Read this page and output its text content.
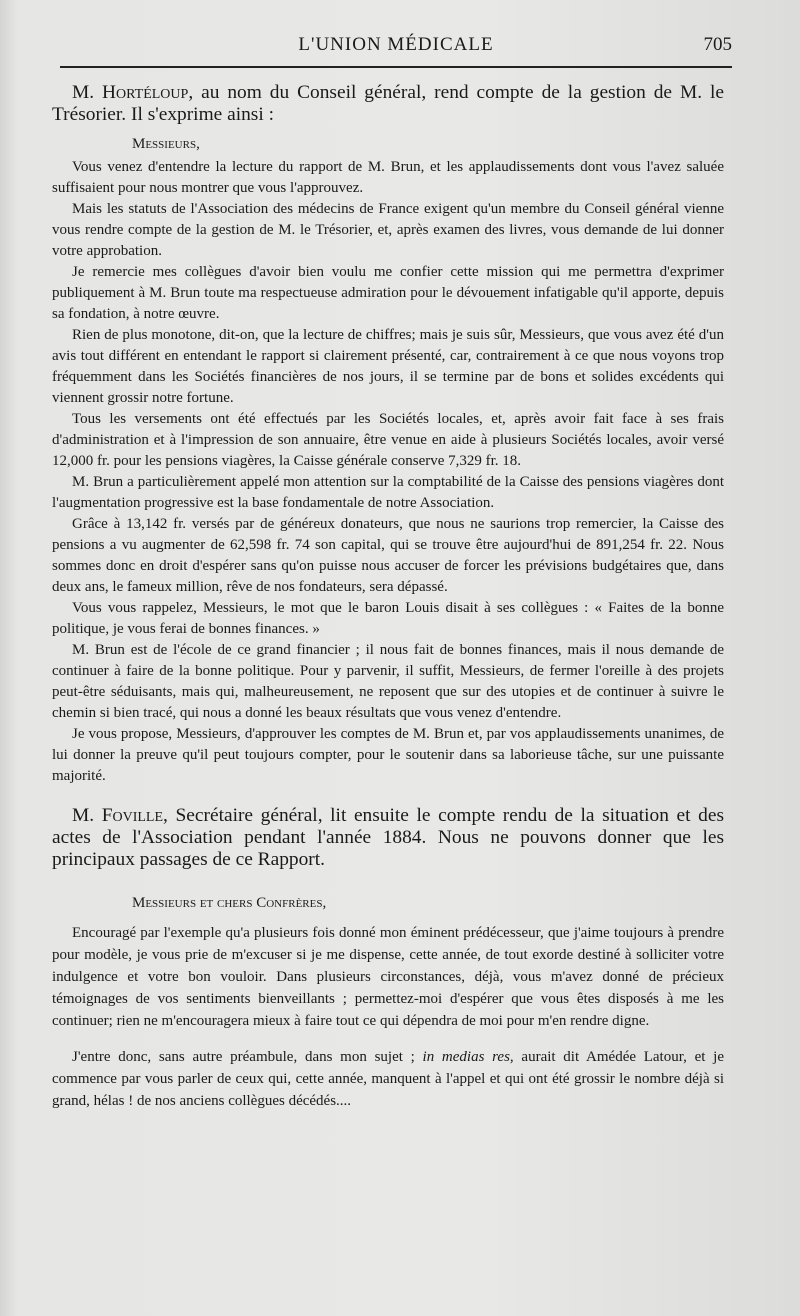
L'UNION MÉDICALE	705

M. Hortéloup, au nom du Conseil général, rend compte de la gestion de M. le Trésorier. Il s'exprime ainsi :

Messieurs,

Vous venez d'entendre la lecture du rapport de M. Brun, et les applaudissements dont vous l'avez saluée suffisaient pour nous montrer que vous l'approuvez.

Mais les statuts de l'Association des médecins de France exigent qu'un membre du Conseil général vienne vous rendre compte de la gestion de M. le Trésorier, et, après examen des livres, vous demande de lui donner votre approbation.

Je remercie mes collègues d'avoir bien voulu me confier cette mission qui me permettra d'exprimer publiquement à M. Brun toute ma respectueuse admiration pour le dévouement infatigable qu'il apporte, depuis sa fondation, à notre œuvre.

Rien de plus monotone, dit-on, que la lecture de chiffres; mais je suis sûr, Messieurs, que vous avez été d'un avis tout différent en entendant le rapport si clairement présenté, car, contrairement à ce que nous voyons trop fréquemment dans les Sociétés financières de nos jours, il se termine par de bons et solides excédents qui viennent grossir notre fortune.

Tous les versements ont été effectués par les Sociétés locales, et, après avoir fait face à ses frais d'administration et à l'impression de son annuaire, être venue en aide à plusieurs Sociétés locales, avoir versé 12,000 fr. pour les pensions viagères, la Caisse générale conserve 7,329 fr. 18.

M. Brun a particulièrement appelé mon attention sur la comptabilité de la Caisse des pensions viagères dont l'augmentation progressive est la base fondamentale de notre Association.

Grâce à 13,142 fr. versés par de généreux donateurs, que nous ne saurions trop remercier, la Caisse des pensions a vu augmenter de 62,598 fr. 74 son capital, qui se trouve être aujourd'hui de 891,254 fr. 22. Nous sommes donc en droit d'espérer sans qu'on puisse nous accuser de forcer les prévisions budgétaires que, dans deux ans, le fameux million, rêve de nos fondateurs, sera dépassé.

Vous vous rappelez, Messieurs, le mot que le baron Louis disait à ses collègues : « Faites de la bonne politique, je vous ferai de bonnes finances. »

M. Brun est de l'école de ce grand financier ; il nous fait de bonnes finances, mais il nous demande de continuer à faire de la bonne politique. Pour y parvenir, il suffit, Messieurs, de fermer l'oreille à des projets peut-être séduisants, mais qui, malheureusement, ne reposent que sur des utopies et de continuer à suivre le chemin si bien tracé, qui nous a donné les beaux résultats que vous venez d'entendre.

Je vous propose, Messieurs, d'approuver les comptes de M. Brun et, par vos applaudissements unanimes, de lui donner la preuve qu'il peut toujours compter, pour le soutenir dans sa laborieuse tâche, sur une puissante majorité.

M. Foville, Secrétaire général, lit ensuite le compte rendu de la situation et des actes de l'Association pendant l'année 1884. Nous ne pouvons donner que les principaux passages de ce Rapport.

Messieurs et chers Confrères,

Encouragé par l'exemple qu'a plusieurs fois donné mon éminent prédécesseur, que j'aime toujours à prendre pour modèle, je vous prie de m'excuser si je me dispense, cette année, de tout exorde destiné à solliciter votre indulgence et votre bon vouloir. Dans plusieurs circonstances, déjà, vous m'avez donné de précieux témoignages de vos sentiments bienveillants ; permettez-moi d'espérer que vous êtes disposés à me les continuer; rien ne m'encouragera mieux à faire tout ce qui dépendra de moi pour m'en rendre digne.

J'entre donc, sans autre préambule, dans mon sujet ; in medias res, aurait dit Amédée Latour, et je commence par vous parler de ceux qui, cette année, manquent à l'appel et qui ont été grossir le nombre déjà si grand, hélas ! de nos anciens collègues décédés....
